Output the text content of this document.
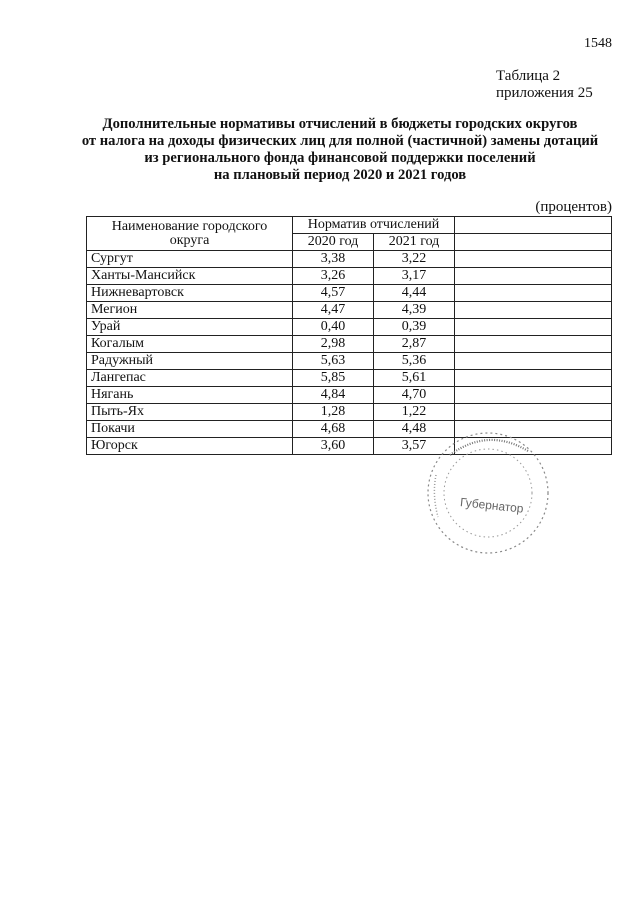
1548
Таблица 2
приложения 25
Дополнительные нормативы отчислений в бюджеты городских округов
от налога на доходы физических лиц для полной (частичной) замены дотаций
из регионального фонда финансовой поддержки поселений
на плановый период 2020 и 2021 годов
(процентов)
Наименование городского округа	Норматив отчислений		
	2020 год	2021 год	
Сургут	3,38	3,22	
Ханты-Мансийск	3,26	3,17	
Нижневартовск	4,57	4,44	
Мегион	4,47	4,39	
Урай	0,40	0,39	
Когалым	2,98	2,87	
Радужный	5,63	5,36	
Лангепас	5,85	5,61	
Нягань	4,84	4,70	
Пыть-Ях	1,28	1,22	
Покачи	4,68	4,48	
Югорск	3,60	3,57	
Губернатор
